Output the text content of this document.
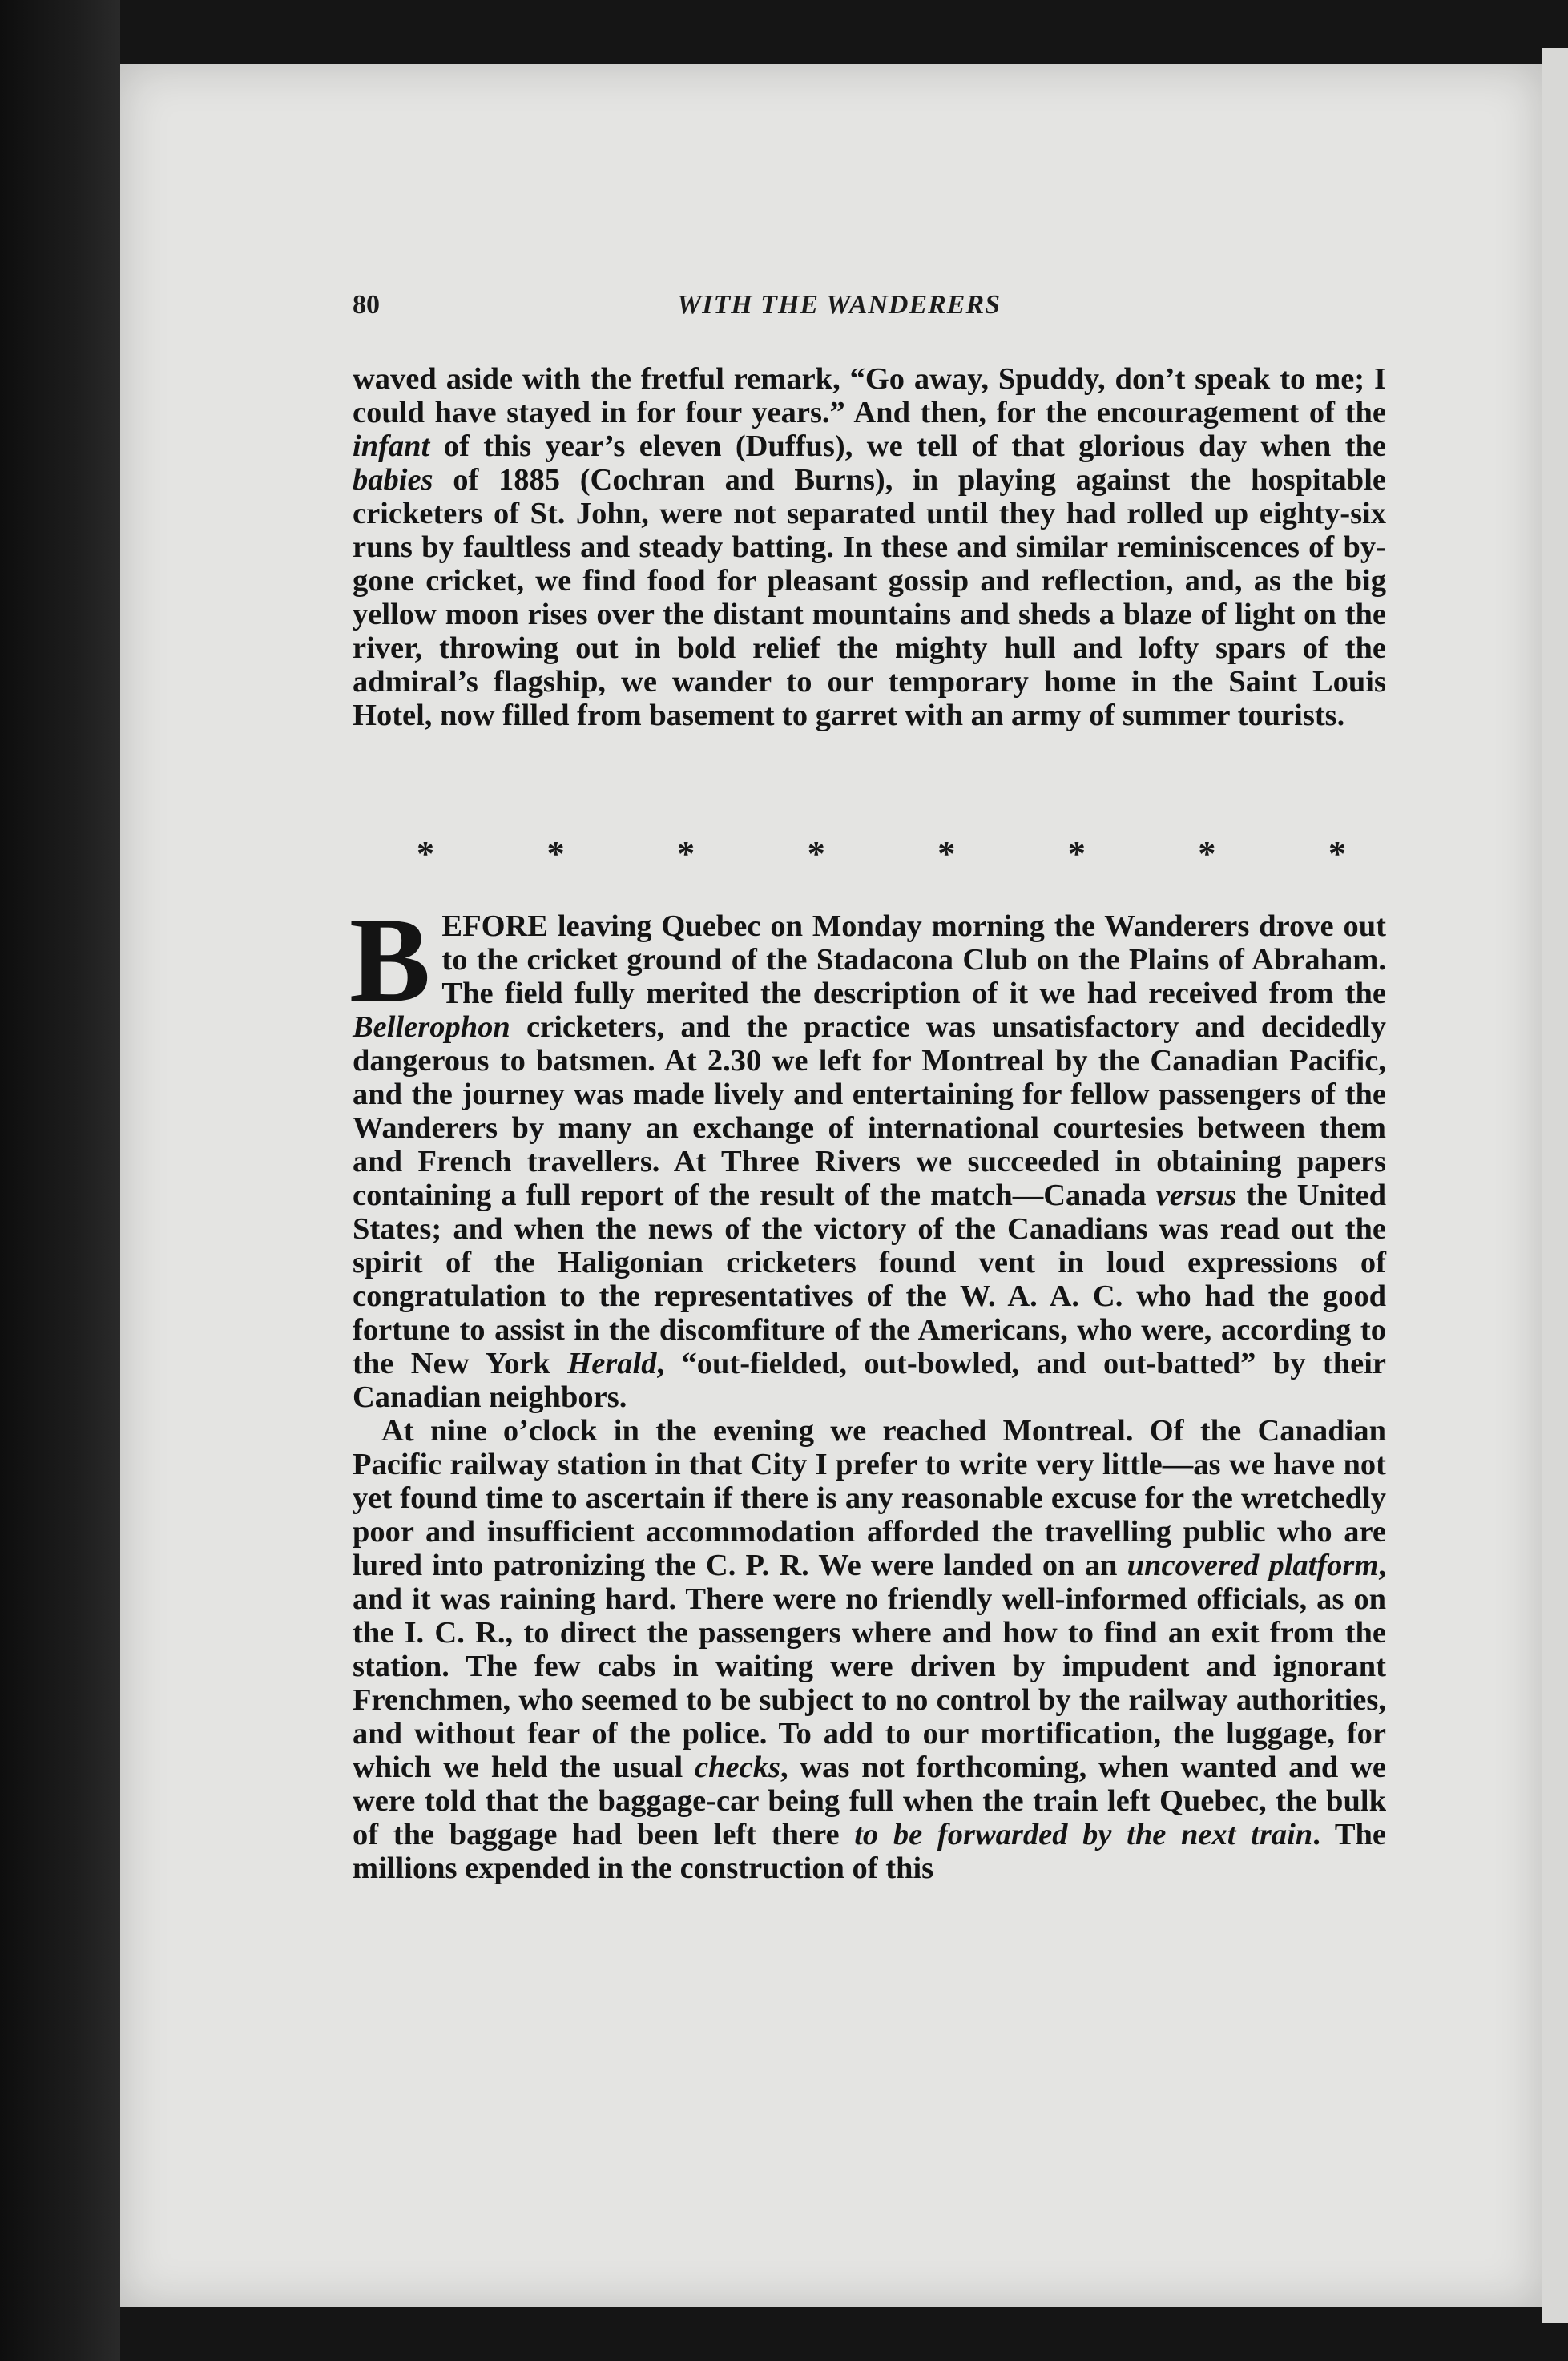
80	WITH THE WANDERERS

waved aside with the fretful remark, “Go away, Spuddy, don’t speak to me; I could have stayed in for four years.” And then, for the encouragement of the infant of this year’s eleven (Duffus), we tell of that glorious day when the babies of 1885 (Cochran and Burns), in playing against the hospitable cricketers of St. John, were not separated until they had rolled up eighty-six runs by faultless and steady batting. In these and similar reminiscences of by-gone cricket, we find food for pleasant gossip and reflection, and, as the big yellow moon rises over the distant mountains and sheds a blaze of light on the river, throwing out in bold relief the mighty hull and lofty spars of the admiral’s flagship, we wander to our temporary home in the Saint Louis Hotel, now filled from basement to garret with an army of summer tourists.

*	*	*	*	*	*	*	*

BEFORE leaving Quebec on Monday morning the Wanderers drove out to the cricket ground of the Stadacona Club on the Plains of Abraham. The field fully merited the description of it we had received from the Bellerophon cricketers, and the practice was unsatisfactory and decidedly dangerous to batsmen. At 2.30 we left for Montreal by the Canadian Pacific, and the journey was made lively and entertaining for fellow passengers of the Wanderers by many an exchange of international courtesies between them and French travellers. At Three Rivers we succeeded in obtaining papers containing a full report of the result of the match—Canada versus the United States; and when the news of the victory of the Canadians was read out the spirit of the Haligonian cricketers found vent in loud expressions of congratulation to the representatives of the W. A. A. C. who had the good fortune to assist in the discomfiture of the Americans, who were, according to the New York Herald, “out-fielded, out-bowled, and out-batted” by their Canadian neighbors.

At nine o’clock in the evening we reached Montreal. Of the Canadian Pacific railway station in that City I prefer to write very little—as we have not yet found time to ascertain if there is any reasonable excuse for the wretchedly poor and insufficient accommodation afforded the travelling public who are lured into patronizing the C. P. R. We were landed on an uncovered platform, and it was raining hard. There were no friendly well-informed officials, as on the I. C. R., to direct the passengers where and how to find an exit from the station. The few cabs in waiting were driven by impudent and ignorant Frenchmen, who seemed to be subject to no control by the railway authorities, and without fear of the police. To add to our mortification, the luggage, for which we held the usual checks, was not forthcoming, when wanted and we were told that the baggage-car being full when the train left Quebec, the bulk of the baggage had been left there to be forwarded by the next train. The millions expended in the construction of this
